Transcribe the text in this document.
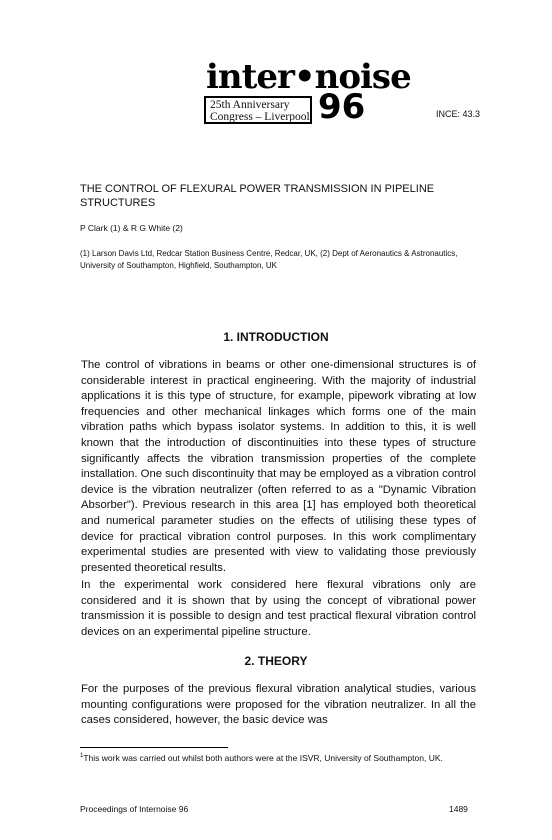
inter•noise
25th Anniversary
Congress – Liverpool 96	INCE: 43.3
THE CONTROL OF FLEXURAL POWER TRANSMISSION IN PIPELINE STRUCTURES
P Clark (1) & R G White (2)
(1) Larson Davis Ltd, Redcar Station Business Centre, Redcar, UK, (2) Dept of Aeronautics & Astronautics, University of Southampton, Highfield, Southampton, UK
1. INTRODUCTION

The control of vibrations in beams or other one-dimensional structures is of considerable interest in practical engineering. With the majority of industrial applications it is this type of structure, for example, pipework vibrating at low frequencies and other mechanical linkages which forms one of the main vibration paths which bypass isolator systems. In addition to this, it is well known that the introduction of discontinuities into these types of structure significantly affects the vibration transmission properties of the complete installation. One such discontinuity that may be employed as a vibration control device is the vibration neutralizer (often referred to as a "Dynamic Vibration Absorber"). Previous research in this area [1] has employed both theoretical and numerical parameter studies on the effects of utilising these types of device for practical vibration control purposes. In this work complimentary experimental studies are presented with view to validating those previously presented theoretical results.

In the experimental work considered here flexural vibrations only are considered and it is shown that by using the concept of vibrational power transmission it is possible to design and test practical flexural vibration control devices on an experimental pipeline structure.

2. THEORY

For the purposes of the previous flexural vibration analytical studies, various mounting configurations were proposed for the vibration neutralizer. In all the cases considered, however, the basic device was

$^1$This work was carried out whilst both authors were at the ISVR, University of Southampton, UK.
Proceedings of Internoise 96	1489
